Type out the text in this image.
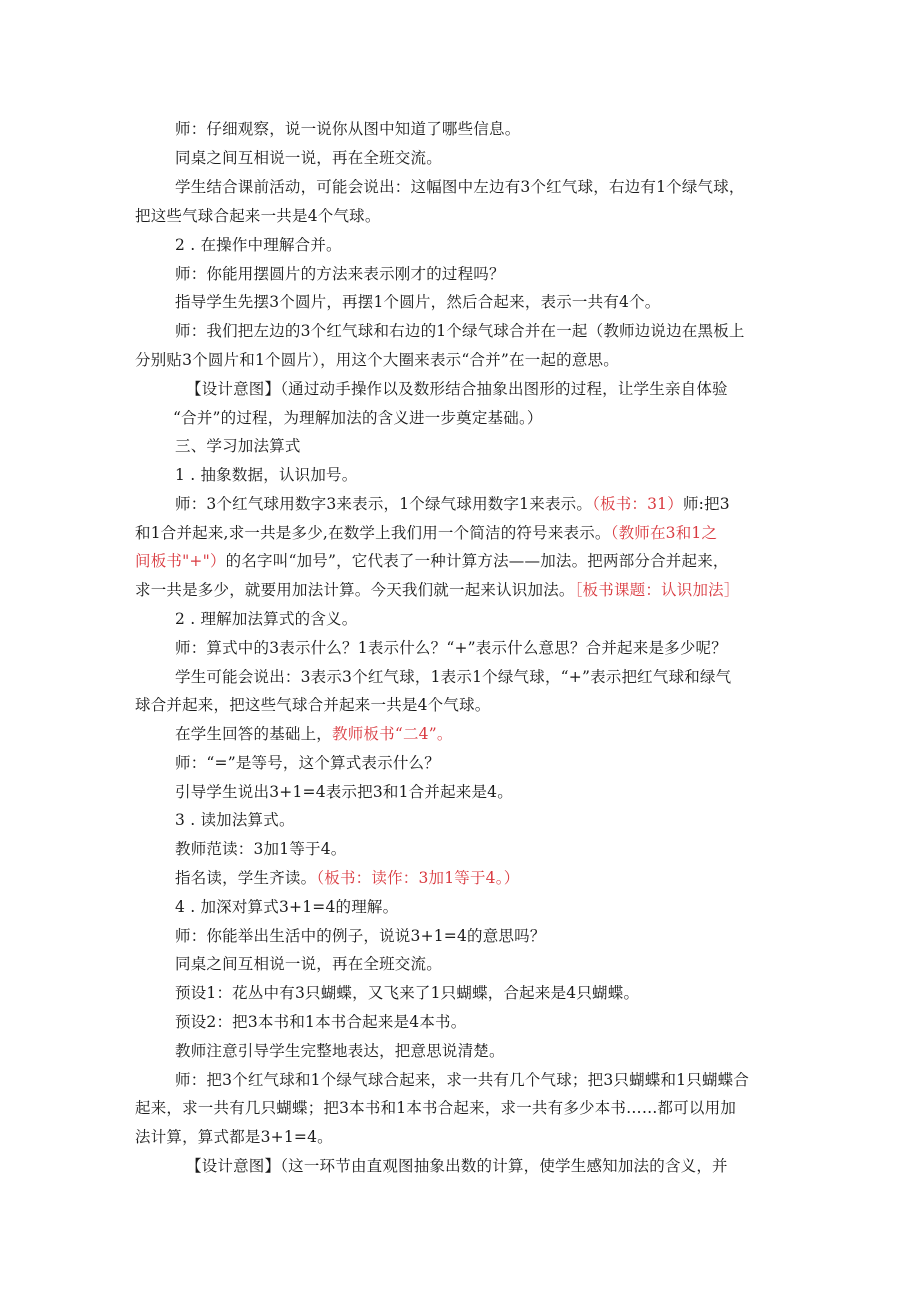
师：仔细观察，说一说你从图中知道了哪些信息。
同桌之间互相说一说，再在全班交流。
学生结合课前活动，可能会说出：这幅图中左边有3个红气球，右边有1个绿气球，
把这些气球合起来一共是4个气球。
2 . 在操作中理解合并。
师：你能用摆圆片的方法来表示刚才的过程吗？
指导学生先摆3个圆片，再摆1个圆片，然后合起来，表示一共有4个。
师：我们把左边的3个红气球和右边的1个绿气球合并在一起（教师边说边在黑板上
分别贴3个圆片和1个圆片），用这个大圈来表示“合并”在一起的意思。
【设计意图】（通过动手操作以及数形结合抽象出图形的过程，让学生亲自体验
“合并”的过程，为理解加法的含义进一步奠定基础。）
三、学习加法算式
1 . 抽象数据，认识加号。
师：3个红气球用数字3来表示，1个绿气球用数字1来表示。（板书：31）师:把3
和1合并起来,求一共是多少,在数学上我们用一个简洁的符号来表示。（教师在3和1之
间板书"+"）的名字叫“加号”，它代表了一种计算方法——加法。把两部分合并起来，
求一共是多少，就要用加法计算。今天我们就一起来认识加法。［板书课题：认识加法］
2 . 理解加法算式的含义。
师：算式中的3表示什么？1表示什么？“+”表示什么意思？合并起来是多少呢？
学生可能会说出：3表示3个红气球，1表示1个绿气球，“+”表示把红气球和绿气
球合并起来，把这些气球合并起来一共是4个气球。
在学生回答的基础上，教师板书“二4”。
师：“=”是等号，这个算式表示什么？
引导学生说出3+1=4表示把3和1合并起来是4。
3 . 读加法算式。
教师范读：3加1等于4。
指名读，学生齐读。（板书：读作：3加1等于4。）
4 . 加深对算式3+1=4的理解。
师：你能举出生活中的例子，说说3+1=4的意思吗？
同桌之间互相说一说，再在全班交流。
预设1：花丛中有3只蝴蝶，又飞来了1只蝴蝶，合起来是4只蝴蝶。
预设2：把3本书和1本书合起来是4本书。
教师注意引导学生完整地表达，把意思说清楚。
师：把3个红气球和1个绿气球合起来，求一共有几个气球；把3只蝴蝶和1只蝴蝶合
起来，求一共有几只蝴蝶；把3本书和1本书合起来，求一共有多少本书……都可以用加
法计算，算式都是3+1=4。
【设计意图】（这一环节由直观图抽象出数的计算，使学生感知加法的含义，并
